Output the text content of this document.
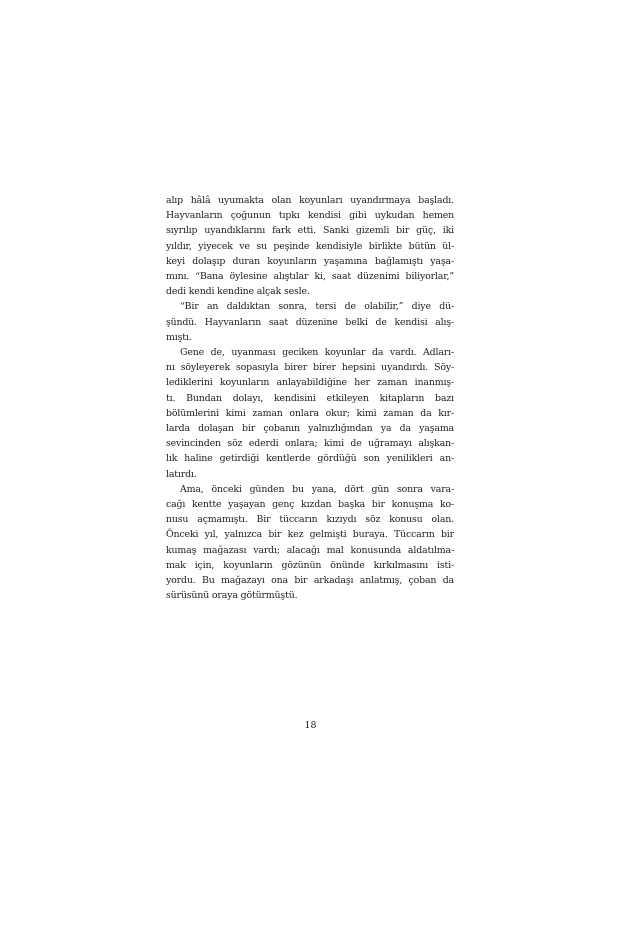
alıp hâlâ uyumakta olan koyunları uyandırmaya başladı.
Hayvanların çoğunun tıpkı kendisi gibi uykudan hemen
sıyrılıp uyandıklarını fark etti. Sanki gizemli bir güç, iki
yıldır, yiyecek ve su peşinde kendisiyle birlikte bütün ül-
keyi dolaşıp duran koyunların yaşamına bağlamıştı yaşa-
mını. “Bana öylesine alıştılar ki, saat düzenimi biliyorlar,”
dedi kendi kendine alçak sesle.

“Bir an daldıktan sonra, tersi de olabilir,” diye dü-
şündü. Hayvanların saat düzenine belki de kendisi alış-
mıştı.

Gene de, uyanması geciken koyunlar da vardı. Adları-
nı söyleyerek sopasıyla birer birer hepsini uyandırdı. Söy-
lediklerini koyunların anlayabildiğine her zaman inanmış-
tı. Bundan dolayı, kendisini etkileyen kitapların bazı
bölümlerini kimi zaman onlara okur; kimi zaman da kır-
larda dolaşan bir çobanın yalnızlığından ya da yaşama
sevincinden söz ederdi onlara; kimi de uğramayı alışkan-
lık haline getirdiği kentlerde gördüğü son yenilikleri an-
latırdı.

Ama, önceki günden bu yana, dört gün sonra vara-
cağı kentte yaşayan genç kızdan başka bir konuşma ko-
nusu açmamıştı. Bir tüccarın kızıydı söz konusu olan.
Önceki yıl, yalnızca bir kez gelmişti buraya. Tüccarın bir
kumaş mağazası vardı; alacağı mal konusunda aldatılma-
mak için, koyunların gözünün önünde kırkılmasını isti-
yordu. Bu mağazayı ona bir arkadaşı anlatmış, çoban da
sürüsünü oraya götürmüştü.

18
